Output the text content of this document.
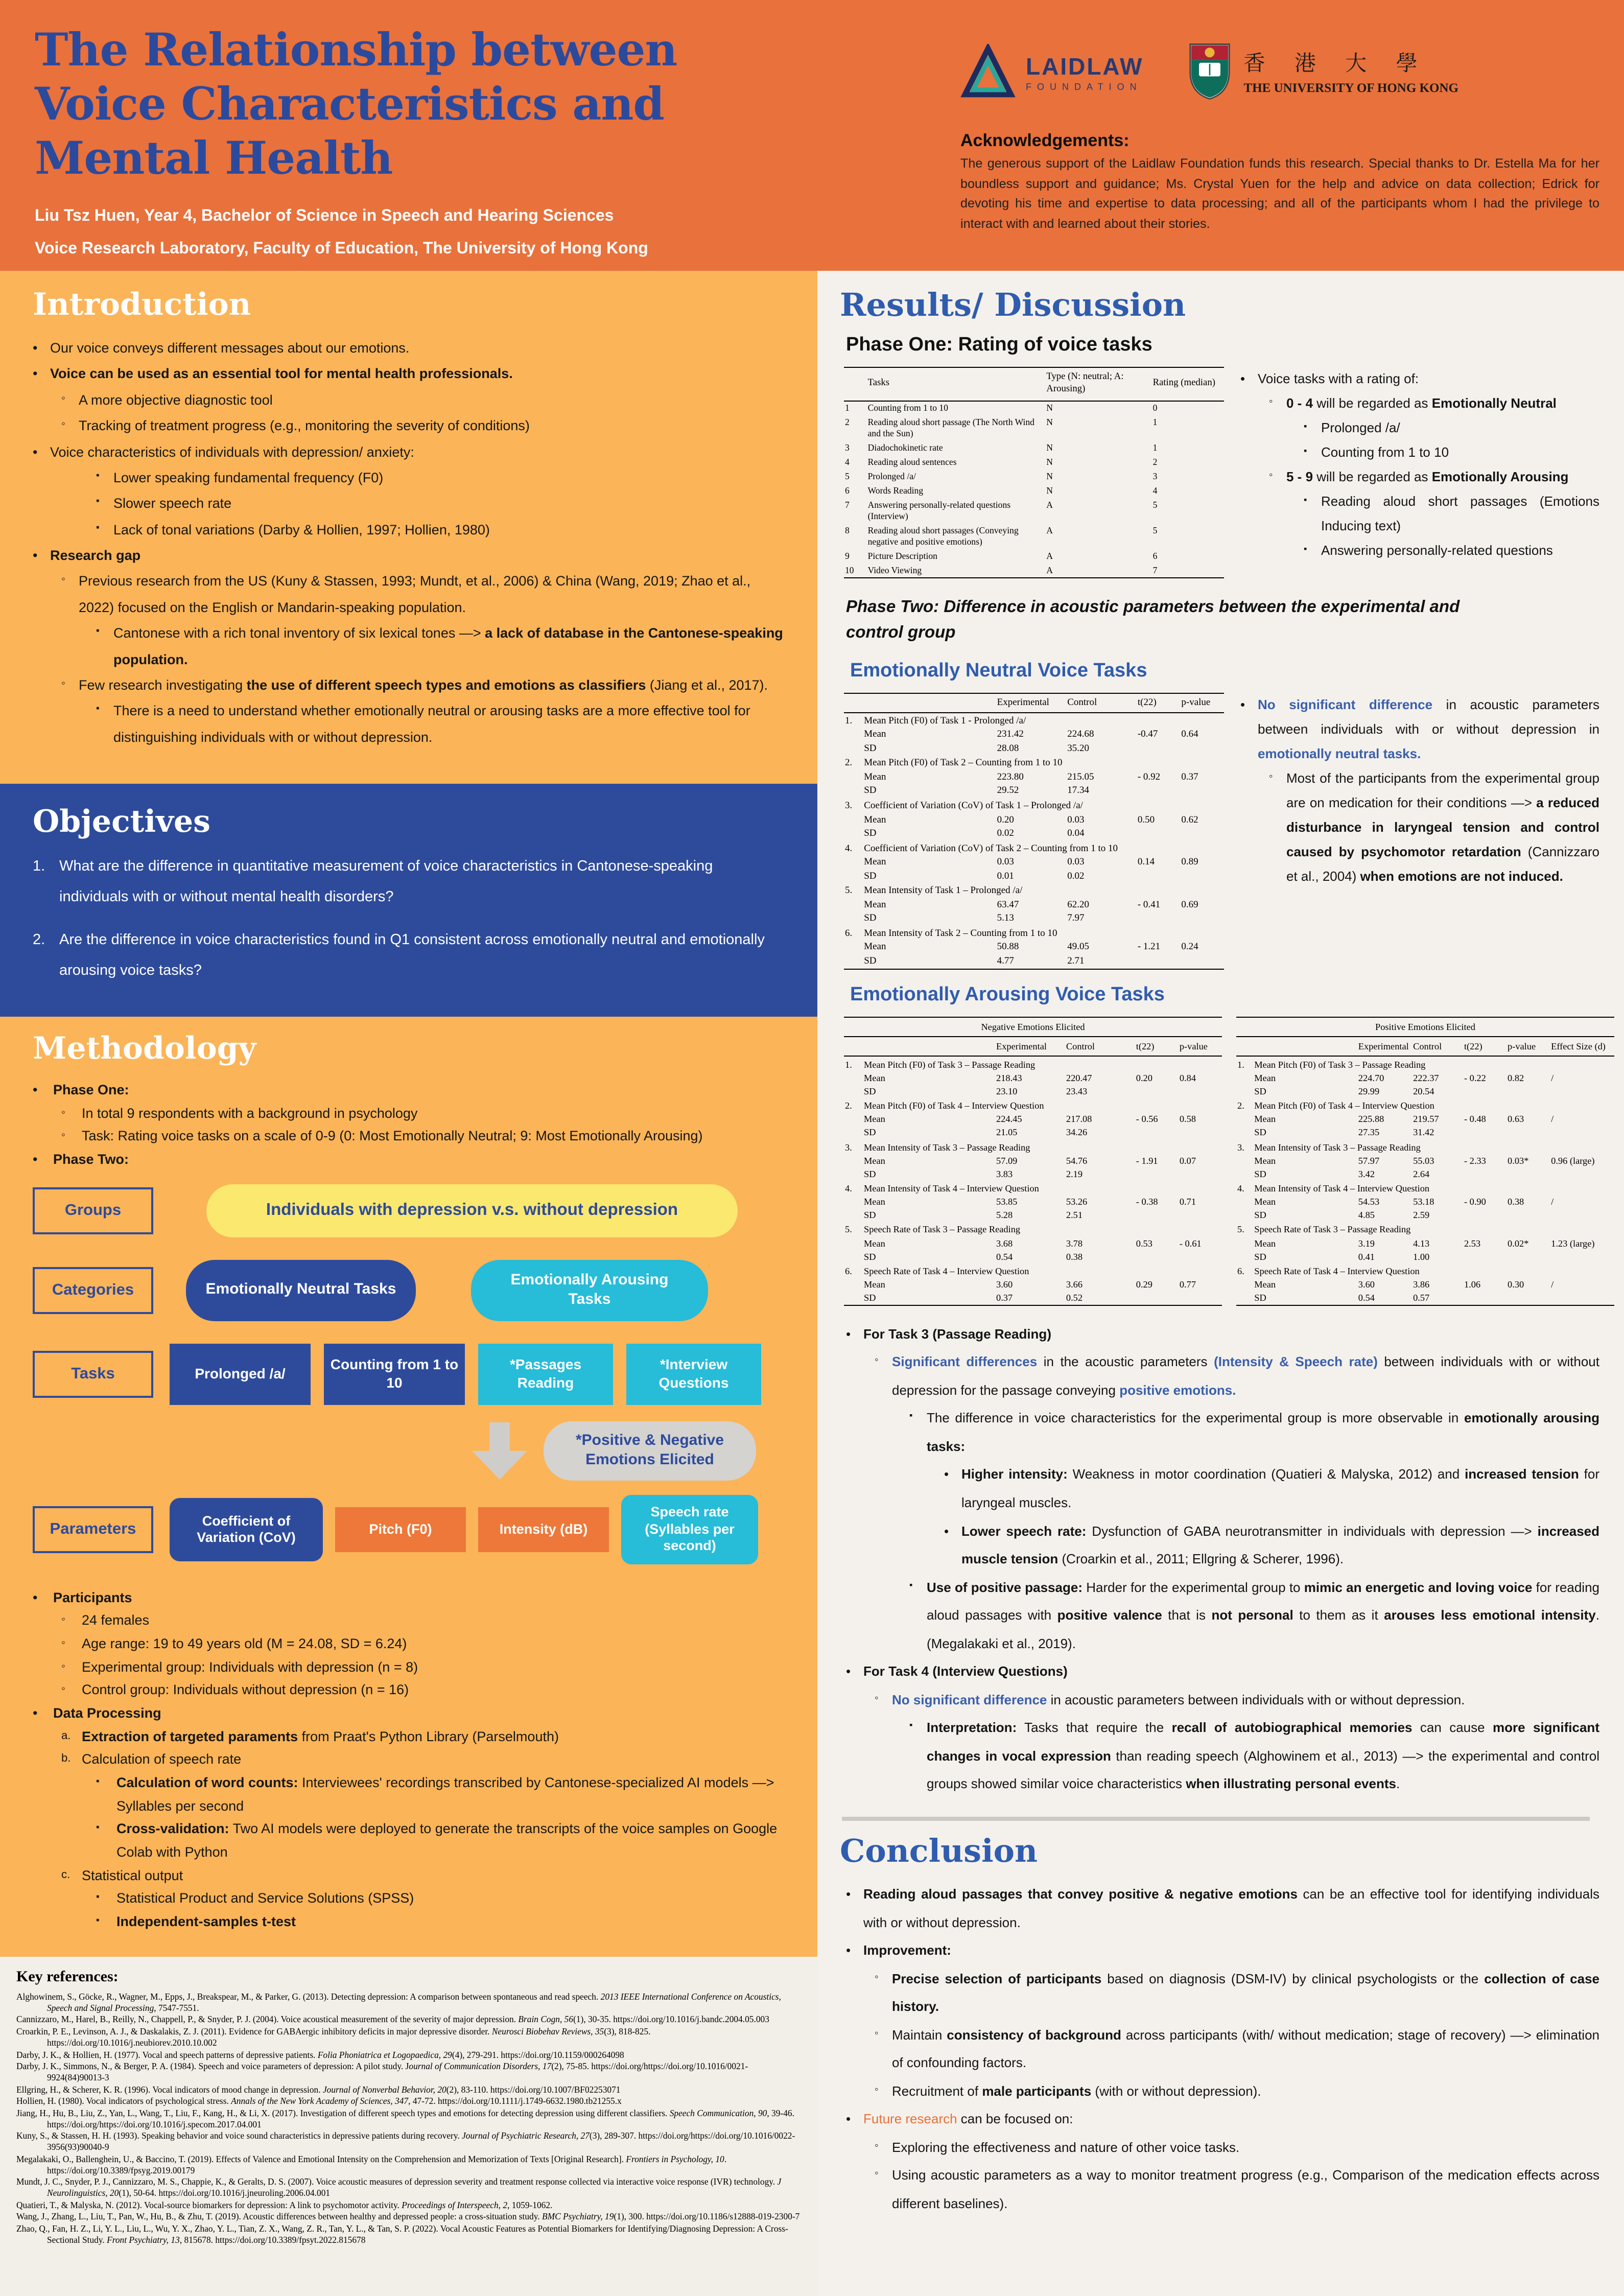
The Relationship between Voice Characteristics and Mental Health
Liu Tsz Huen, Year 4, Bachelor of Science in Speech and Hearing Sciences
Voice Research Laboratory, Faculty of Education, The University of Hong Kong
LAIDLAW
FOUNDATION
香 港 大 學
THE UNIVERSITY OF HONG KONG
Acknowledgements:
The generous support of the Laidlaw Foundation funds this research. Special thanks to Dr. Estella Ma for her boundless support and guidance; Ms. Crystal Yuen for the help and advice on data collection; Edrick for devoting his time and expertise to data processing; and all of the participants whom I had the privilege to interact with and learned about their stories.
Introduction
•	Our voice conveys different messages about our emotions.
•	Voice can be used as an essential tool for mental health professionals.
◦	A more objective diagnostic tool
◦	Tracking of treatment progress (e.g., monitoring the severity of conditions)
•	Voice characteristics of individuals with depression/ anxiety:
▪	Lower speaking fundamental frequency (F0)
▪	Slower speech rate
▪	Lack of tonal variations (Darby & Hollien, 1997; Hollien, 1980)
•	Research gap
◦	Previous research from the US (Kuny & Stassen, 1993; Mundt, et al., 2006) & China (Wang, 2019; Zhao et al., 2022) focused on the English or Mandarin-speaking population.
▪	Cantonese with a rich tonal inventory of six lexical tones —> a lack of database in the Cantonese-speaking population.
◦	Few research investigating the use of different speech types and emotions as classifiers (Jiang et al., 2017).
▪	There is a need to understand whether emotionally neutral or arousing tasks are a more effective tool for distinguishing individuals with or without depression.
Objectives
1.	What are the difference in quantitative measurement of voice characteristics in Cantonese-speaking individuals with or without mental health disorders?
2.	Are the difference in voice characteristics found in Q1 consistent across emotionally neutral and emotionally arousing voice tasks?
Methodology
•	Phase One:
◦	In total 9 respondents with a background in psychology
◦	Task: Rating voice tasks on a scale of 0-9 (0: Most Emotionally Neutral; 9: Most Emotionally Arousing)
•	Phase Two:
Groups	Individuals with depression v.s. without depression
Categories	Emotionally Neutral Tasks
Emotionally Arousing Tasks
Tasks	Prolonged /a/
Counting from 1 to 10
*Passages Reading
*Interview Questions
*Positive & Negative Emotions Elicited
Parameters	Coefficient of Variation (CoV)
Pitch (F0)	Intensity (dB)
Speech rate (Syllables per second)
•	Participants
◦	24 females
◦	Age range: 19 to 49 years old (M = 24.08, SD = 6.24)
◦	Experimental group: Individuals with depression (n = 8)
◦	Control group: Individuals without depression (n = 16)
•	Data Processing
a.	Extraction of targeted paraments from Praat's Python Library (Parselmouth)
b.	Calculation of speech rate
▪	Calculation of word counts: Interviewees' recordings transcribed by Cantonese-specialized AI models —> Syllables per second
▪	Cross-validation: Two AI models were deployed to generate the transcripts of the voice samples on Google Colab with Python
c.	Statistical output
▪	Statistical Product and Service Solutions (SPSS)
▪	Independent-samples t-test
Key references:
Alghowinem, S., Göcke, R., Wagner, M., Epps, J., Breakspear, M., & Parker, G. (2013). Detecting depression: A comparison between spontaneous and read speech. 2013 IEEE International Conference on Acoustics, Speech and Signal Processing, 7547-7551.
Cannizzaro, M., Harel, B., Reilly, N., Chappell, P., & Snyder, P. J. (2004). Voice acoustical measurement of the severity of major depression. Brain Cogn, 56(1), 30-35. https://doi.org/10.1016/j.bandc.2004.05.003
Croarkin, P. E., Levinson, A. J., & Daskalakis, Z. J. (2011). Evidence for GABAergic inhibitory deficits in major depressive disorder. Neurosci Biobehav Reviews, 35(3), 818-825. https://doi.org/10.1016/j.neubiorev.2010.10.002
Darby, J. K., & Hollien, H. (1977). Vocal and speech patterns of depressive patients. Folia Phoniatrica et Logopaedica, 29(4), 279-291. https://doi.org/10.1159/000264098
Darby, J. K., Simmons, N., & Berger, P. A. (1984). Speech and voice parameters of depression: A pilot study. Journal of Communication Disorders, 17(2), 75-85. https://doi.org/https://doi.org/10.1016/0021-9924(84)90013-3
Ellgring, H., & Scherer, K. R. (1996). Vocal indicators of mood change in depression. Journal of Nonverbal Behavior, 20(2), 83-110. https://doi.org/10.1007/BF02253071
Hollien, H. (1980). Vocal indicators of psychological stress. Annals of the New York Academy of Sciences, 347, 47-72. https://doi.org/10.1111/j.1749-6632.1980.tb21255.x
Jiang, H., Hu, B., Liu, Z., Yan, L., Wang, T., Liu, F., Kang, H., & Li, X. (2017). Investigation of different speech types and emotions for detecting depression using different classifiers. Speech Communication, 90, 39-46. https://doi.org/https://doi.org/10.1016/j.specom.2017.04.001
Kuny, S., & Stassen, H. H. (1993). Speaking behavior and voice sound characteristics in depressive patients during recovery. Journal of Psychiatric Research, 27(3), 289-307. https://doi.org/https://doi.org/10.1016/0022-3956(93)90040-9
Megalakaki, O., Ballenghein, U., & Baccino, T. (2019). Effects of Valence and Emotional Intensity on the Comprehension and Memorization of Texts [Original Research]. Frontiers in Psychology, 10. https://doi.org/10.3389/fpsyg.2019.00179
Mundt, J. C., Snyder, P. J., Cannizzaro, M. S., Chappie, K., & Geralts, D. S. (2007). Voice acoustic measures of depression severity and treatment response collected via interactive voice response (IVR) technology. J Neurolinguistics, 20(1), 50-64. https://doi.org/10.1016/j.jneuroling.2006.04.001
Quatieri, T., & Malyska, N. (2012). Vocal-source biomarkers for depression: A link to psychomotor activity. Proceedings of Interspeech, 2, 1059-1062.
Wang, J., Zhang, L., Liu, T., Pan, W., Hu, B., & Zhu, T. (2019). Acoustic differences between healthy and depressed people: a cross-situation study. BMC Psychiatry, 19(1), 300. https://doi.org/10.1186/s12888-019-2300-7
Zhao, Q., Fan, H. Z., Li, Y. L., Liu, L., Wu, Y. X., Zhao, Y. L., Tian, Z. X., Wang, Z. R., Tan, Y. L., & Tan, S. P. (2022). Vocal Acoustic Features as Potential Biomarkers for Identifying/Diagnosing Depression: A Cross-Sectional Study. Front Psychiatry, 13, 815678. https://doi.org/10.3389/fpsyt.2022.815678
Results/ Discussion
Phase One: Rating of voice tasks
	Tasks	Type (N: neutral; A: Arousing)	Rating (median)
1	Counting from 1 to 10	N	0
2	Reading aloud short passage (The North Wind and the Sun)	N	1
3	Diadochokinetic rate	N	1
4	Reading aloud sentences	N	2
5	Prolonged /a/	N	3
6	Words Reading	N	4
7	Answering personally-related questions (Interview)	A	5
8	Reading aloud short passages (Conveying negative and positive emotions)	A	5
9	Picture Description	A	6
10	Video Viewing	A	7
•	Voice tasks with a rating of:
◦	0 - 4 will be regarded as Emotionally Neutral
▪	Prolonged /a/
▪	Counting from 1 to 10
◦	5 - 9 will be regarded as Emotionally Arousing
▪	Reading aloud short passages (Emotions Inducing text)
▪	Answering personally-related questions
Phase Two: Difference in acoustic parameters between the experimental and control group
Emotionally Neutral Voice Tasks
		Experimental	Control	t(22)	p-value
1.	Mean Pitch (F0) of Task 1 - Prolonged /a/				
	Mean	231.42	224.68	-0.47	0.64
	SD	28.08	35.20		
2.	Mean Pitch (F0) of Task 2 – Counting from 1 to 10				
	Mean	223.80	215.05	- 0.92	0.37
	SD	29.52	17.34		
3.	Coefficient of Variation (CoV) of Task 1 – Prolonged /a/				
	Mean	0.20	0.03	0.50	0.62
	SD	0.02	0.04		
4.	Coefficient of Variation (CoV) of Task 2 – Counting from 1 to 10				
	Mean	0.03	0.03	0.14	0.89
	SD	0.01	0.02		
5.	Mean Intensity of Task 1 – Prolonged /a/				
	Mean	63.47	62.20	- 0.41	0.69
	SD	5.13	7.97		
6.	Mean Intensity of Task 2 – Counting from 1 to 10				
	Mean	50.88	49.05	- 1.21	0.24
	SD	4.77	2.71		
•	No significant difference in acoustic parameters between individuals with or without depression in emotionally neutral tasks.
◦	Most of the participants from the experimental group are on medication for their conditions —> a reduced disturbance in laryngeal tension and control caused by psychomotor retardation (Cannizzaro et al., 2004) when emotions are not induced.
Emotionally Arousing Voice Tasks
Negative Emotions Elicited					
		Experimental	Control	t(22)	p-value
1.	Mean Pitch (F0) of Task 3 – Passage Reading				
	Mean	218.43	220.47	0.20	0.84
	SD	23.10	23.43		
2.	Mean Pitch (F0) of Task 4 – Interview Question				
	Mean	224.45	217.08	- 0.56	0.58
	SD	21.05	34.26		
3.	Mean Intensity of Task 3 – Passage Reading				
	Mean	57.09	54.76	- 1.91	0.07
	SD	3.83	2.19		
4.	Mean Intensity of Task 4 – Interview Question				
	Mean	53.85	53.26	- 0.38	0.71
	SD	5.28	2.51		
5.	Speech Rate of Task 3 – Passage Reading				
	Mean	3.68	3.78	0.53	- 0.61
	SD	0.54	0.38		
6.	Speech Rate of Task 4 – Interview Question				
	Mean	3.60	3.66	0.29	0.77
	SD	0.37	0.52		
Positive Emotions Elicited						
		Experimental	Control	t(22)	p-value	Effect Size (d)
1.	Mean Pitch (F0) of Task 3 – Passage Reading					
	Mean	224.70	222.37	- 0.22	0.82	/
	SD	29.99	20.54			
2.	Mean Pitch (F0) of Task 4 – Interview Question					
	Mean	225.88	219.57	- 0.48	0.63	/
	SD	27.35	31.42			
3.	Mean Intensity of Task 3 – Passage Reading					
	Mean	57.97	55.03	- 2.33	0.03*	0.96 (large)
	SD	3.42	2.64			
4.	Mean Intensity of Task 4 – Interview Question					
	Mean	54.53	53.18	- 0.90	0.38	/
	SD	4.85	2.59			
5.	Speech Rate of Task 3 – Passage Reading					
	Mean	3.19	4.13	2.53	0.02*	1.23 (large)
	SD	0.41	1.00			
6.	Speech Rate of Task 4 – Interview Question					
	Mean	3.60	3.86	1.06	0.30	/
	SD	0.54	0.57			
•	For Task 3 (Passage Reading)
◦	Significant differences in the acoustic parameters (Intensity & Speech rate) between individuals with or without depression for the passage conveying positive emotions.
▪	The difference in voice characteristics for the experimental group is more observable in emotionally arousing tasks:
•	Higher intensity: Weakness in motor coordination (Quatieri & Malyska, 2012) and increased tension for laryngeal muscles.
•	Lower speech rate: Dysfunction of GABA neurotransmitter in individuals with depression —> increased muscle tension (Croarkin et al., 2011; Ellgring & Scherer, 1996).
▪	Use of positive passage: Harder for the experimental group to mimic an energetic and loving voice for reading aloud passages with positive valence that is not personal to them as it arouses less emotional intensity. (Megalakaki et al., 2019).
•	For Task 4 (Interview Questions)
◦	No significant difference in acoustic parameters between individuals with or without depression.
▪	Interpretation: Tasks that require the recall of autobiographical memories can cause more significant changes in vocal expression than reading speech (Alghowinem et al., 2013) —> the experimental and control groups showed similar voice characteristics when illustrating personal events.
Conclusion
•	Reading aloud passages that convey positive & negative emotions can be an effective tool for identifying individuals with or without depression.
•	Improvement:
◦	Precise selection of participants based on diagnosis (DSM-IV) by clinical psychologists or the collection of case history.
◦	Maintain consistency of background across participants (with/ without medication; stage of recovery) —> elimination of confounding factors.
◦	Recruitment of male participants (with or without depression).
•	Future research can be focused on:
◦	Exploring the effectiveness and nature of other voice tasks.
◦	Using acoustic parameters as a way to monitor treatment progress (e.g., Comparison of the medication effects across different baselines).
